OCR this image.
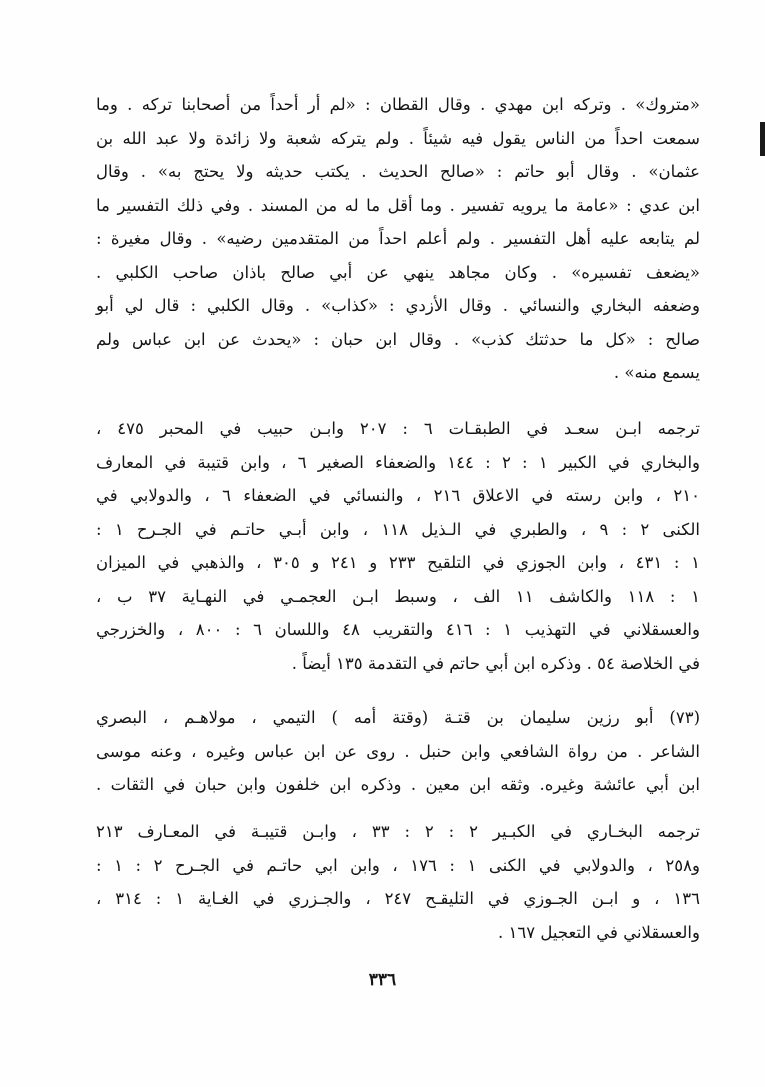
«متروك» . وتركه ابن مهدي . وقال القطان : «لم أر أحداً من أصحابنا تركه . وما
سمعت احداً من الناس يقول فيه شيئاً . ولم يتركه شعبة ولا زائدة ولا عبد الله بن
عثمان» . وقال أبو حاتم : «صالح الحديث . يكتب حديثه ولا يحتج به» . وقال
ابن عدي : «عامة ما يرويه تفسير . وما أقل ما له من المسند . وفي ذلك التفسير ما
لم يتابعه عليه أهل التفسير . ولم أعلم احداً من المتقدمين رضيه» . وقال مغيرة :
«يضعف تفسيره» . وكان مجاهد ينهي عن أبي صالح باذان صاحب الكلبي .
وضعفه البخاري والنسائي . وقال الأزدي : «كذاب» . وقال الكلبي : قال لي أبو
صالح : «كل ما حدثتك كذب» . وقال ابن حبان : «يحدث عن ابن عباس ولم
يسمع منه» .
ترجمه ابـن سعـد في الطبقـات ٦ : ٢٠٧ وابـن حبيب في المحبر ٤٧٥ ،
والبخاري في الكبير ١ : ٢ : ١٤٤ والضعفاء الصغير ٦ ، وابن قتيبة في المعارف
٢١٠ ، وابن رسته في الاعلاق ٢١٦ ، والنسائي في الضعفاء ٦ ، والدولابي في
الكنى ٢ : ٩ ، والطبري في الـذيل ١١٨ ، وابن أبـي حاتـم في الجـرح ١ :
١ : ٤٣١ ، وابن الجوزي في التلقيح ٢٣٣ و ٢٤١ و ٣٠٥ ، والذهبي في الميزان
١ : ١١٨ والكاشف ١١ الف ، وسبط ابـن العجمـي في النهـاية ٣٧ ب ،
والعسقلاني في التهذيب ١ : ٤١٦ والتقريب ٤٨ واللسان ٦ : ٨٠٠ ، والخزرجي
في الخلاصة ٥٤ . وذكره ابن أبي حاتم في التقدمة ١٣٥ أيضاً .
(٧٣) أبو رزين سليمان بن قتـة (وقتة أمه ) التيمي ، مولاهـم ، البصري
الشاعر . من رواة الشافعي وابن حنبل . روى عن ابن عباس وغيره ، وعنه موسى
ابن أبي عائشة وغيره. وثقه ابن معين . وذكره ابن خلفون وابن حبان في الثقات .
ترجمه البخـاري في الكبـير ٢ : ٢ : ٣٣ ، وابـن قتيبـة في المعـارف ٢١٣
و٢٥٨ ، والدولابي في الكنى ١ : ١٧٦ ، وابن ابي حاتـم في الجـرح ٢ : ١ :
١٣٦ ، و ابـن الجـوزي في التليقـح ٢٤٧ ، والجـزري في الغـاية ١ : ٣١٤ ،
والعسقلاني في التعجيل ١٦٧ .
٣٣٦
